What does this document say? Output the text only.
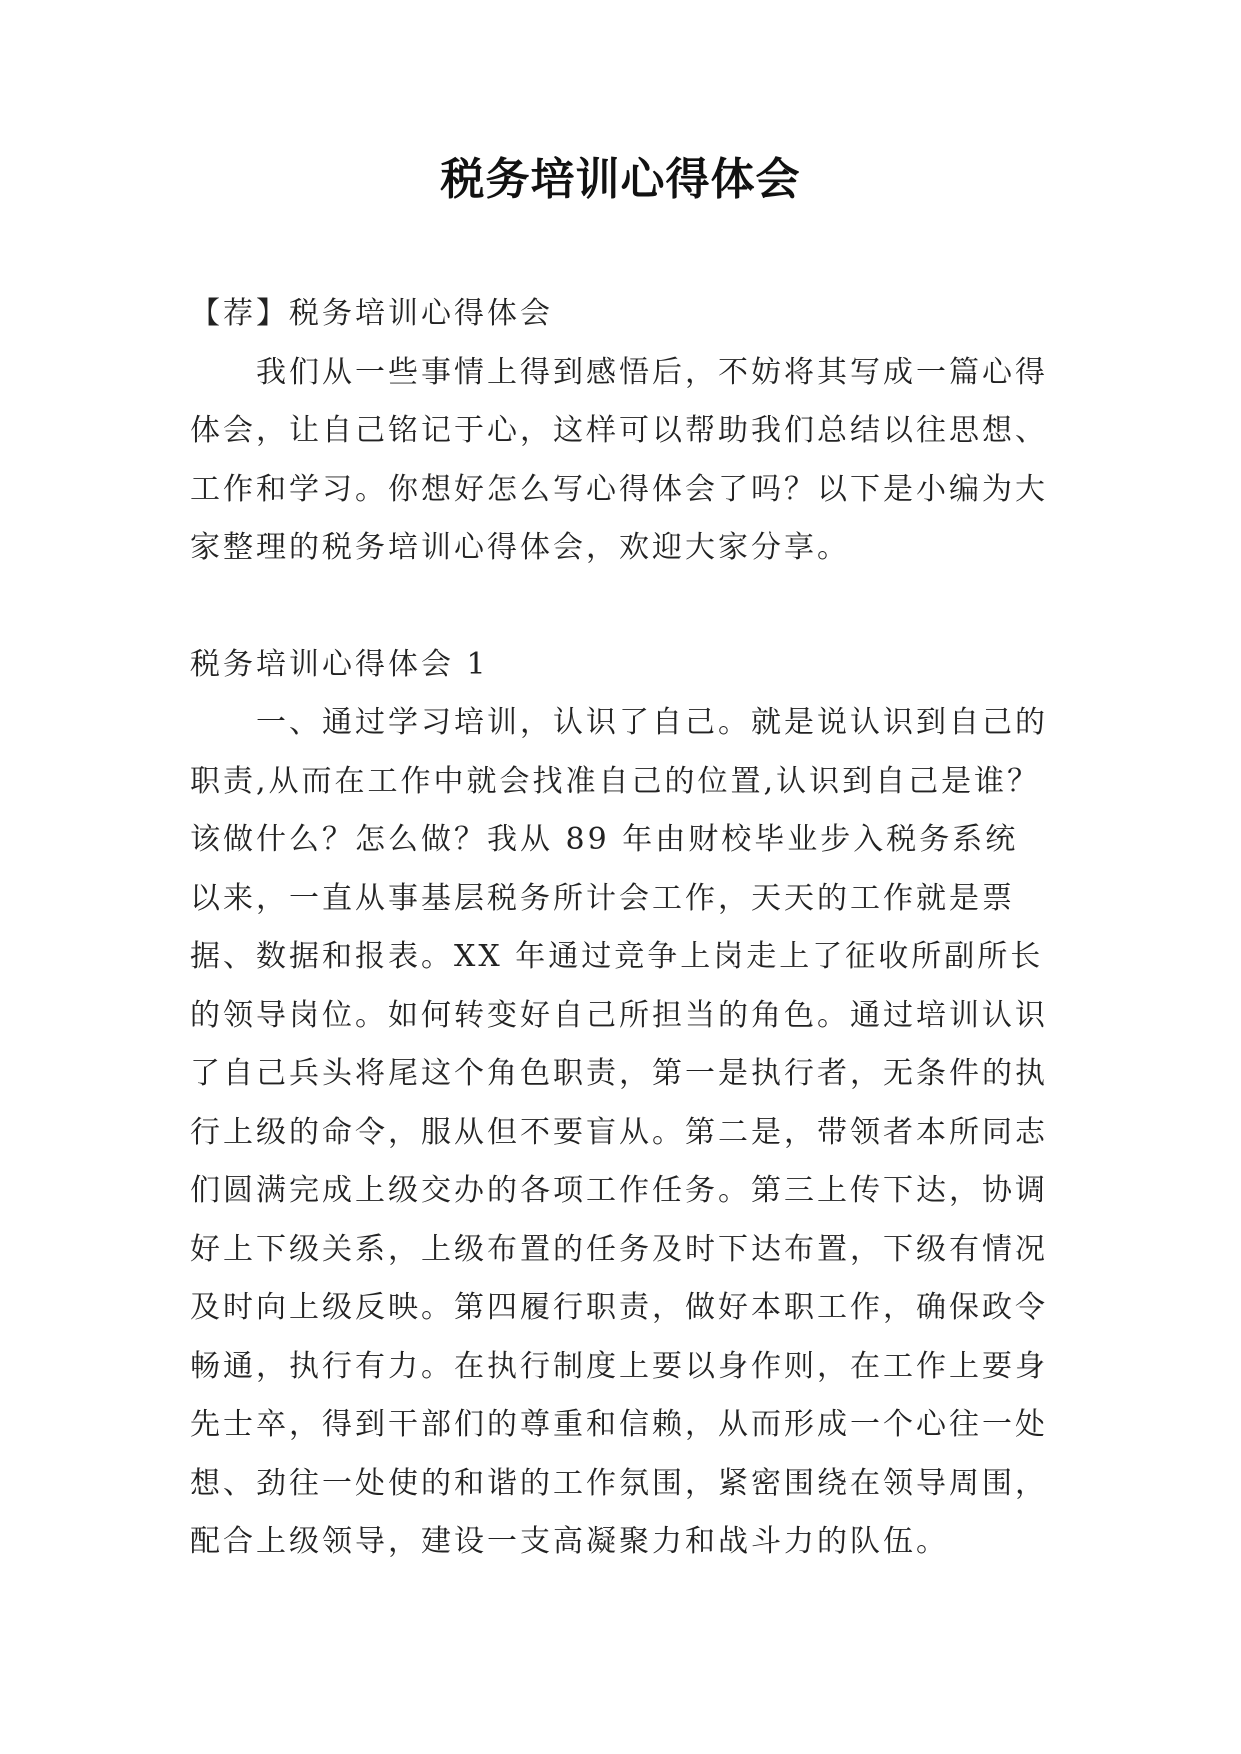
税务培训心得体会

【荐】税务培训心得体会

我们从一些事情上得到感悟后，不妨将其写成一篇心得体会，让自己铭记于心，这样可以帮助我们总结以往思想、工作和学习。你想好怎么写心得体会了吗？以下是小编为大家整理的税务培训心得体会，欢迎大家分享。

税务培训心得体会 1

一、通过学习培训，认识了自己。就是说认识到自己的职责,从而在工作中就会找准自己的位置,认识到自己是谁？该做什么？怎么做？我从 89 年由财校毕业步入税务系统以来，一直从事基层税务所计会工作，天天的工作就是票据、数据和报表。XX 年通过竞争上岗走上了征收所副所长的领导岗位。如何转变好自己所担当的角色。通过培训认识了自己兵头将尾这个角色职责，第一是执行者，无条件的执行上级的命令，服从但不要盲从。第二是，带领者本所同志们圆满完成上级交办的各项工作任务。第三上传下达，协调好上下级关系，上级布置的任务及时下达布置，下级有情况及时向上级反映。第四履行职责，做好本职工作，确保政令畅通，执行有力。在执行制度上要以身作则，在工作上要身先士卒，得到干部们的尊重和信赖，从而形成一个心往一处想、劲往一处使的和谐的工作氛围，紧密围绕在领导周围，配合上级领导，建设一支高凝聚力和战斗力的队伍。
